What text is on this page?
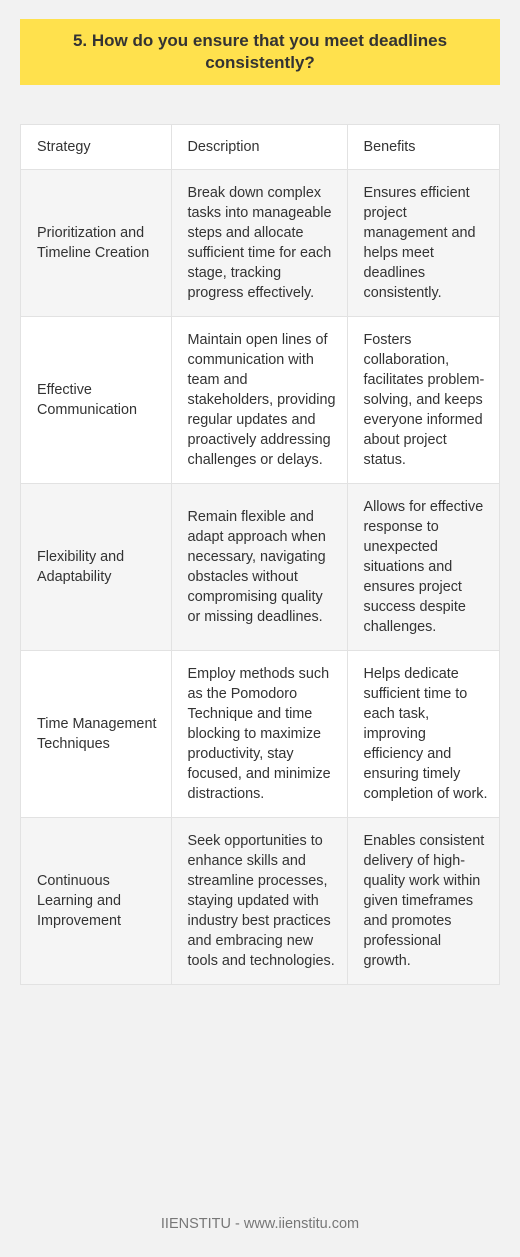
5. How do you ensure that you meet deadlines consistently?
Strategy	Description	Benefits
Prioritization and Timeline Creation	Break down complex tasks into manageable steps and allocate sufficient time for each stage, tracking progress effectively.	Ensures efficient project management and helps meet deadlines consistently.
Effective Communication	Maintain open lines of communication with team and stakeholders, providing regular updates and proactively addressing challenges or delays.	Fosters collaboration, facilitates problem-solving, and keeps everyone informed about project status.
Flexibility and Adaptability	Remain flexible and adapt approach when necessary, navigating obstacles without compromising quality or missing deadlines.	Allows for effective response to unexpected situations and ensures project success despite challenges.
Time Management Techniques	Employ methods such as the Pomodoro Technique and time blocking to maximize productivity, stay focused, and minimize distractions.	Helps dedicate sufficient time to each task, improving efficiency and ensuring timely completion of work.
Continuous Learning and Improvement	Seek opportunities to enhance skills and streamline processes, staying updated with industry best practices and embracing new tools and technologies.	Enables consistent delivery of high-quality work within given timeframes and promotes professional growth.
IIENSTITU - www.iienstitu.com
